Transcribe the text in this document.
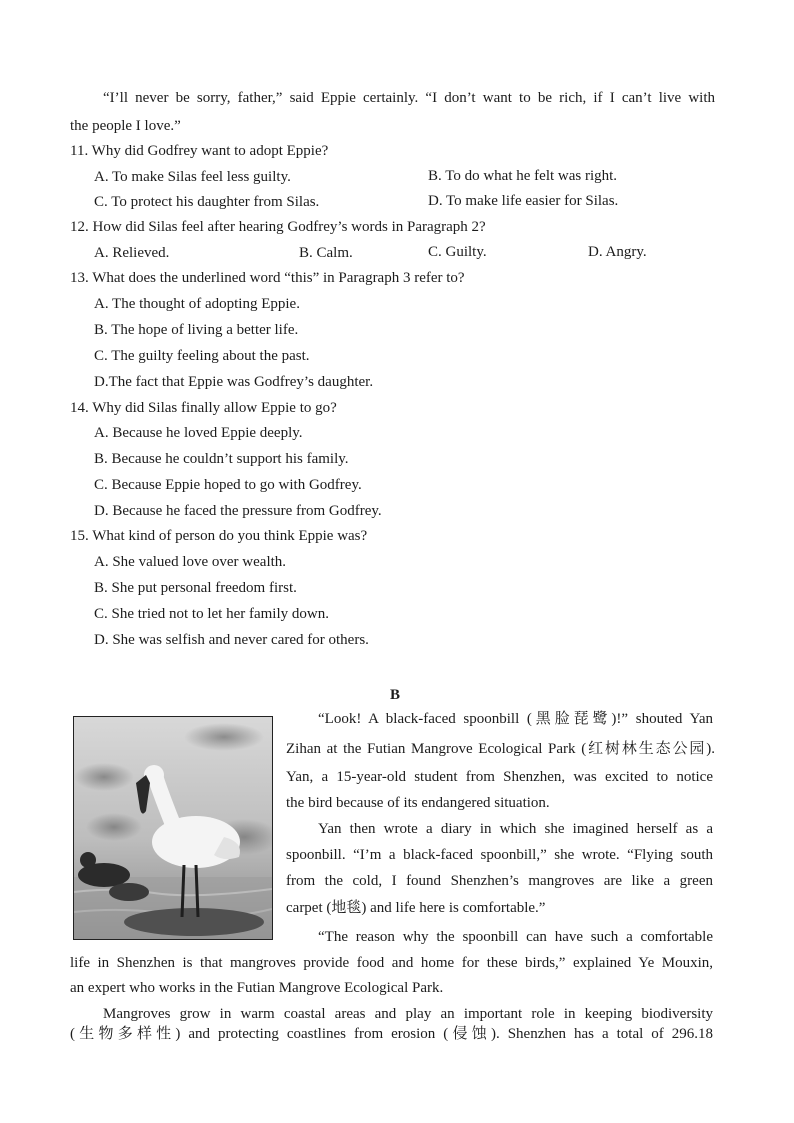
“I’ll never be sorry, father,” said Eppie certainly. “I don’t want to be rich, if I can’t live with
the people I love.”
11. Why did Godfrey want to adopt Eppie?
A. To make Silas feel less guilty.	B. To do what he felt was right.
C. To protect his daughter from Silas.	D. To make life easier for Silas.
12. How did Silas feel after hearing Godfrey’s words in Paragraph 2?
A. Relieved.	B. Calm.	C. Guilty.	D. Angry.
13. What does the underlined word “this” in Paragraph 3 refer to?
A. The thought of adopting Eppie.
B. The hope of living a better life.
C. The guilty feeling about the past.
D.The fact that Eppie was Godfrey’s daughter.
14. Why did Silas finally allow Eppie to go?
A. Because he loved Eppie deeply.
B. Because he couldn’t support his family.
C. Because Eppie hoped to go with Godfrey.
D. Because he faced the pressure from Godfrey.
15. What kind of person do you think Eppie was?
A. She valued love over wealth.
B. She put personal freedom first.
C. She tried not to let her family down.
D. She was selfish and never cared for others.
B
“Look! A black-faced spoonbill (黑脸琵鹭)!” shouted Yan
Zihan at the Futian Mangrove Ecological Park (红树林生态公园).
Yan, a 15-year-old student from Shenzhen, was excited to notice
the bird because of its endangered situation.
Yan then wrote a diary in which she imagined herself as a
spoonbill. “I’m a black-faced spoonbill,” she wrote. “Flying south
from the cold, I found Shenzhen’s mangroves are like a green
carpet (地毯) and life here is comfortable.”
“The reason why the spoonbill can have such a comfortable
life in Shenzhen is that mangroves provide food and home for these birds,” explained Ye Mouxin,
an expert who works in the Futian Mangrove Ecological Park.
Mangroves grow in warm coastal areas and play an important role in keeping biodiversity
(生物多样性) and protecting coastlines from erosion (侵蚀). Shenzhen has a total of 296.18
